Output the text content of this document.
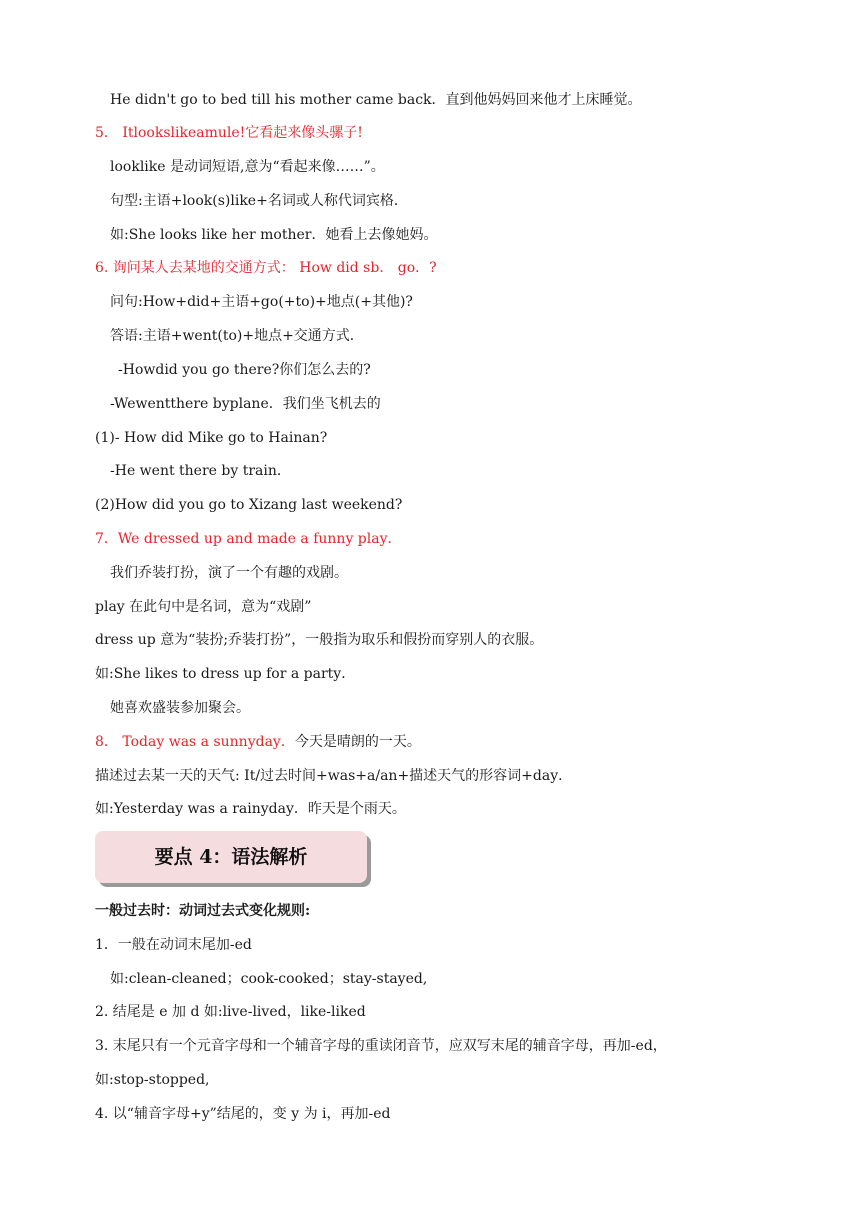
He didn't go to bed till his mother came back．直到他妈妈回来他才上床睡觉。
5． Itlookslikeamule!它看起来像头骡子!
looklike 是动词短语,意为“看起来像……”。
句型:主语+look(s)like+名词或人称代词宾格．
如:She looks like her mother．她看上去像她妈。
6. 询问某人去某地的交通方式： How did sb． go．?
问句:How+did+主语+go(+to)+地点(+其他)?
答语:主语+went(to)+地点+交通方式．
-Howdid you go there?你们怎么去的?
-Wewentthere byplane．我们坐飞机去的
(1)- How did Mike go to Hainan?
-He went there by train．
(2)How did you go to Xizang last weekend?
7．We dressed up and made a funny play．
我们乔装打扮，演了一个有趣的戏剧。
play 在此句中是名词，意为“戏剧”
dress up 意为“装扮;乔装打扮”，一般指为取乐和假扮而穿别人的衣服。
如:She likes to dress up for a party．
她喜欢盛装参加聚会。
8． Today was a sunnyday．今天是晴朗的一天。
描述过去某一天的天气: It/过去时间+was+a/an+描述天气的形容词+day．
如:Yesterday was a rainyday．昨天是个雨天。
要点 4：语法解析
一般过去时：动词过去式变化规则:
1．一般在动词末尾加-ed
如:clean-cleaned；cook-cooked；stay-stayed,
2. 结尾是 e 加 d 如:live-lived，like-liked
3. 末尾只有一个元音字母和一个辅音字母的重读闭音节，应双写末尾的辅音字母，再加-ed，
如:stop-stopped,
4. 以“辅音字母+y”结尾的，变 y 为 i，再加-ed
